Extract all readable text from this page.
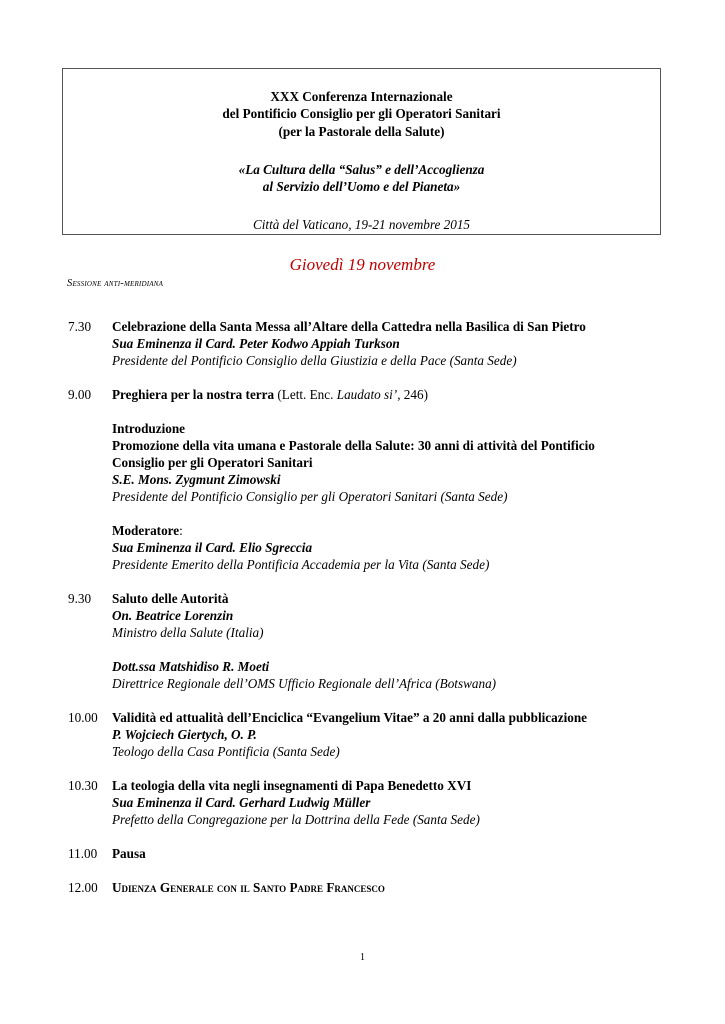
XXX Conferenza Internazionale
del Pontificio Consiglio per gli Operatori Sanitari
(per la Pastorale della Salute)
«La Cultura della “Salus” e dell’Accoglienza
al Servizio dell’Uomo e del Pianeta»
Città del Vaticano, 19-21 novembre 2015
Giovedì 19 novembre
Sessione anti-meridiana
7.30 Celebrazione della Santa Messa all’Altare della Cattedra nella Basilica di San Pietro
Sua Eminenza il Card. Peter Kodwo Appiah Turkson
Presidente del Pontificio Consiglio della Giustizia e della Pace (Santa Sede)
9.00 Preghiera per la nostra terra (Lett. Enc. Laudato si’, 246)
Introduzione
Promozione della vita umana e Pastorale della Salute: 30 anni di attività del Pontificio
Consiglio per gli Operatori Sanitari
S.E. Mons. Zygmunt Zimowski
Presidente del Pontificio Consiglio per gli Operatori Sanitari (Santa Sede)
Moderatore:
Sua Eminenza il Card. Elio Sgreccia
Presidente Emerito della Pontificia Accademia per la Vita (Santa Sede)
9.30 Saluto delle Autorità
On. Beatrice Lorenzin
Ministro della Salute (Italia)
Dott.ssa Matshidiso R. Moeti
Direttrice Regionale dell’OMS Ufficio Regionale dell’Africa (Botswana)
10.00 Validità ed attualità dell’Enciclica “Evangelium Vitae” a 20 anni dalla pubblicazione
P. Wojciech Giertych, O. P.
Teologo della Casa Pontificia (Santa Sede)
10.30 La teologia della vita negli insegnamenti di Papa Benedetto XVI
Sua Eminenza il Card. Gerhard Ludwig Müller
Prefetto della Congregazione per la Dottrina della Fede (Santa Sede)
11.00 Pausa
12.00 Udienza Generale con il Santo Padre Francesco
1
